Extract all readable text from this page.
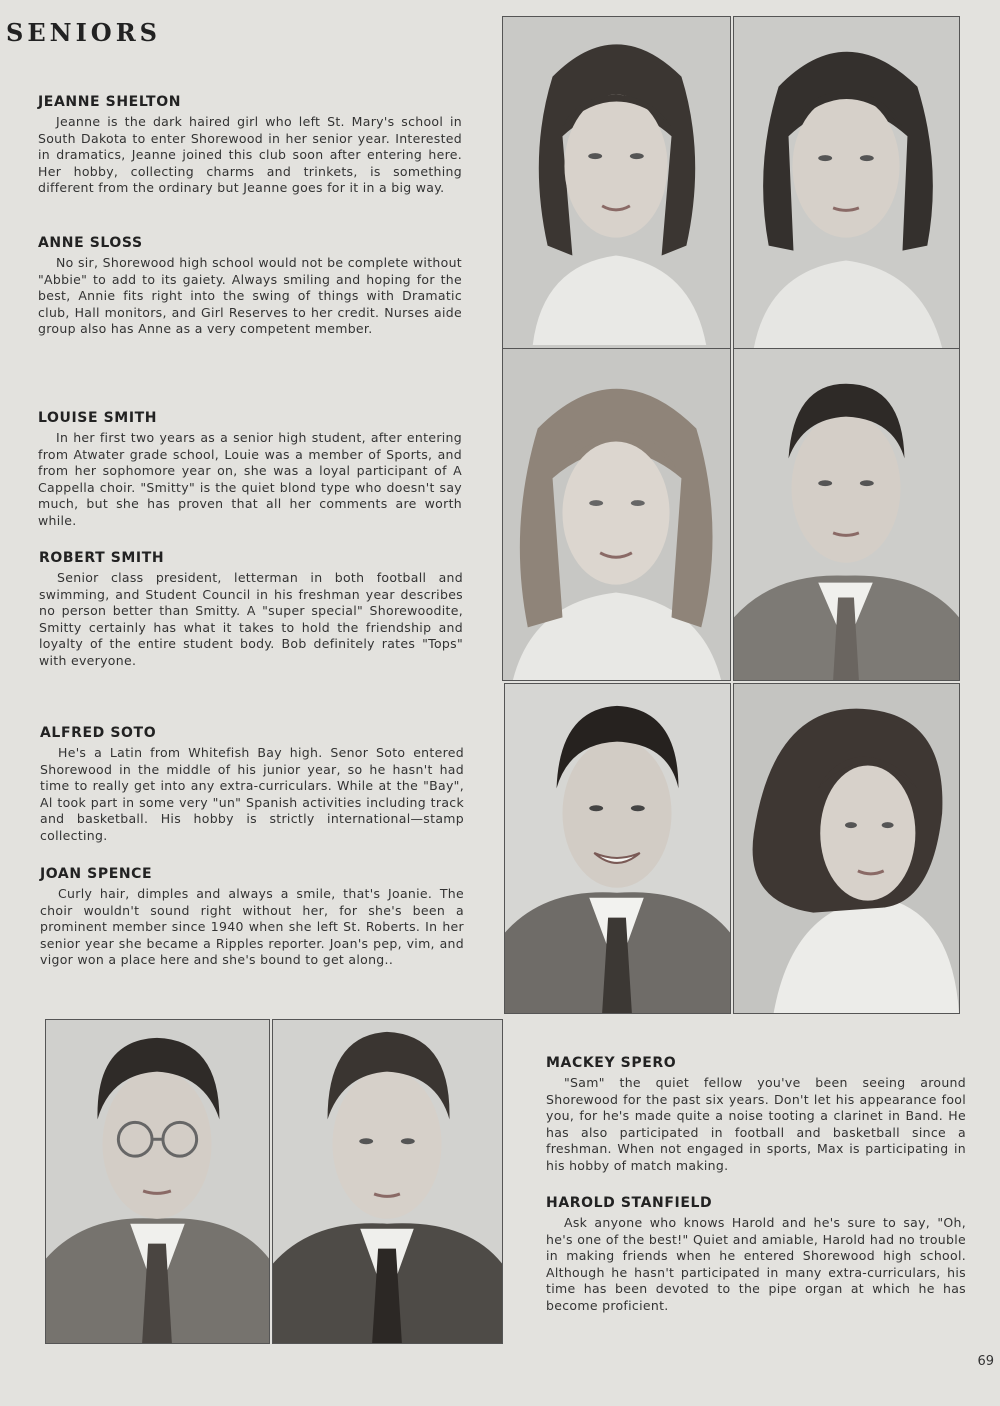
SENIORS
JEANNE SHELTON

Jeanne is the dark haired girl who left St. Mary's school in South Dakota to enter Shorewood in her senior year. Interested in dramatics, Jeanne joined this club soon after entering here. Her hobby, collecting charms and trinkets, is something different from the ordinary but Jeanne goes for it in a big way.

ANNE SLOSS

No sir, Shorewood high school would not be complete without "Abbie" to add to its gaiety. Always smiling and hoping for the best, Annie fits right into the swing of things with Dramatic club, Hall monitors, and Girl Reserves to her credit. Nurses aide group also has Anne as a very competent member.

LOUISE SMITH

In her first two years as a senior high student, after entering from Atwater grade school, Louie was a member of Sports, and from her sophomore year on, she was a loyal participant of A Cappella choir. "Smitty" is the quiet blond type who doesn't say much, but she has proven that all her comments are worth while.

ROBERT SMITH

Senior class president, letterman in both football and swimming, and Student Council in his freshman year describes no person better than Smitty. A "super special" Shorewoodite, Smitty certainly has what it takes to hold the friendship and loyalty of the entire student body. Bob definitely rates "Tops" with everyone.

ALFRED SOTO

He's a Latin from Whitefish Bay high. Senor Soto entered Shorewood in the middle of his junior year, so he hasn't had time to really get into any extra-curriculars. While at the "Bay", Al took part in some very "un" Spanish activities including track and basketball. His hobby is strictly international—stamp collecting.

JOAN SPENCE

Curly hair, dimples and always a smile, that's Joanie. The choir wouldn't sound right without her, for she's been a prominent member since 1940 when she left St. Roberts. In her senior year she became a Ripples reporter. Joan's pep, vim, and vigor won a place here and she's bound to get along..

MACKEY SPERO

"Sam" the quiet fellow you've been seeing around Shorewood for the past six years. Don't let his appearance fool you, for he's made quite a noise tooting a clarinet in Band. He has also participated in football and basketball since a freshman. When not engaged in sports, Max is participating in his hobby of match making.

HAROLD STANFIELD

Ask anyone who knows Harold and he's sure to say, "Oh, he's one of the best!" Quiet and amiable, Harold had no trouble in making friends when he entered Shorewood high school. Although he hasn't participated in many extra-curriculars, his time has been devoted to the pipe organ at which he has become proficient.

69
